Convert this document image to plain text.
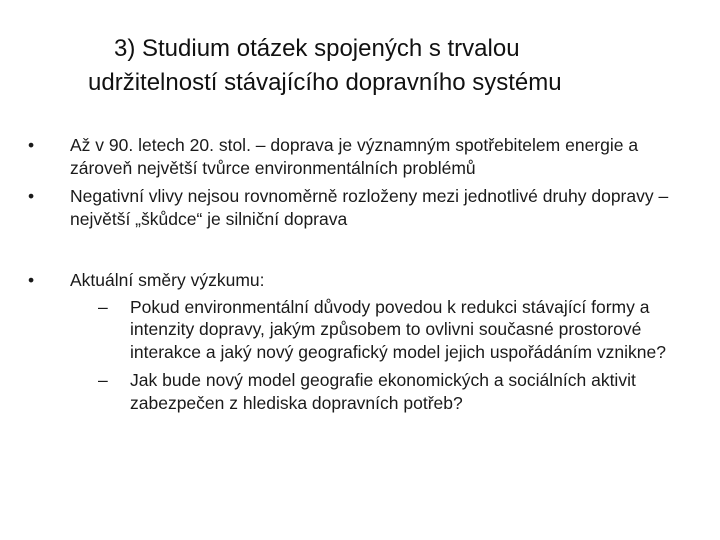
3) Studium otázek spojených s trvalou
udržitelností stávajícího dopravního systému
•	Až v 90. letech 20. stol. – doprava je významným spotřebitelem energie a zároveň největší tvůrce environmentálních problémů
•	Negativní vlivy nejsou rovnoměrně rozloženy mezi jednotlivé druhy dopravy – největší „škůdce“ je silniční doprava
•	Aktuální směry výzkumu:
–	Pokud environmentální důvody povedou k redukci stávající formy a intenzity dopravy, jakým způsobem to ovlivni současné prostorové interakce a jaký nový geografický model jejich uspořádáním vznikne?
–	Jak bude nový model geografie ekonomických a sociálních aktivit zabezpečen z hlediska dopravních potřeb?
